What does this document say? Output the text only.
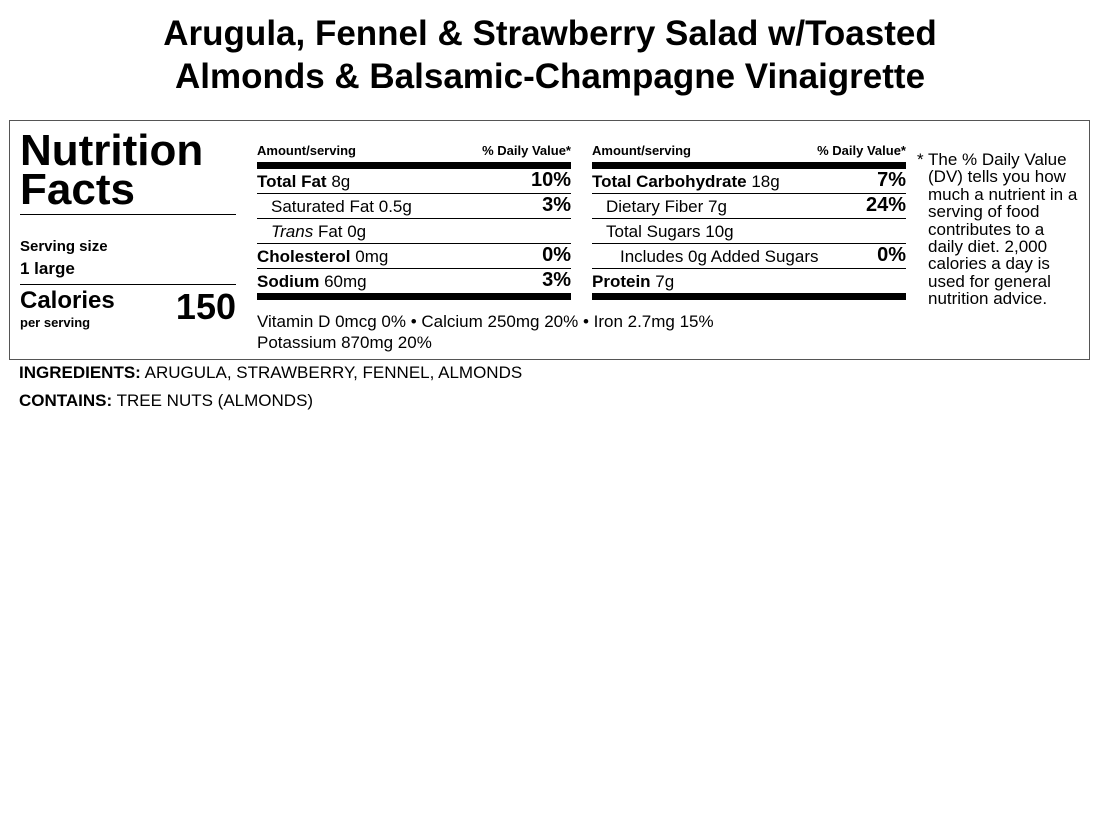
Arugula, Fennel & Strawberry Salad w/Toasted
Almonds & Balsamic-Champagne Vinaigrette
Nutrition
Facts
Serving size
1 large
Calories
per serving	150
Amount/serving	% Daily Value*
Total Fat 8g	10%
Saturated Fat 0.5g	3%
Trans Fat 0g
Cholesterol 0mg	0%
Sodium 60mg	3%
Amount/serving	% Daily Value*
Total Carbohydrate 18g	7%
Dietary Fiber 7g	24%
Total Sugars 10g
Includes 0g Added Sugars	0%
Protein 7g
Vitamin D 0mcg 0% • Calcium 250mg 20% • Iron 2.7mg 15%
Potassium 870mg 20%
* The % Daily Value (DV) tells you how much a nutrient in a serving of food contributes to a daily diet. 2,000 calories a day is used for general nutrition advice.
INGREDIENTS: ARUGULA, STRAWBERRY, FENNEL, ALMONDS
CONTAINS: TREE NUTS (ALMONDS)
